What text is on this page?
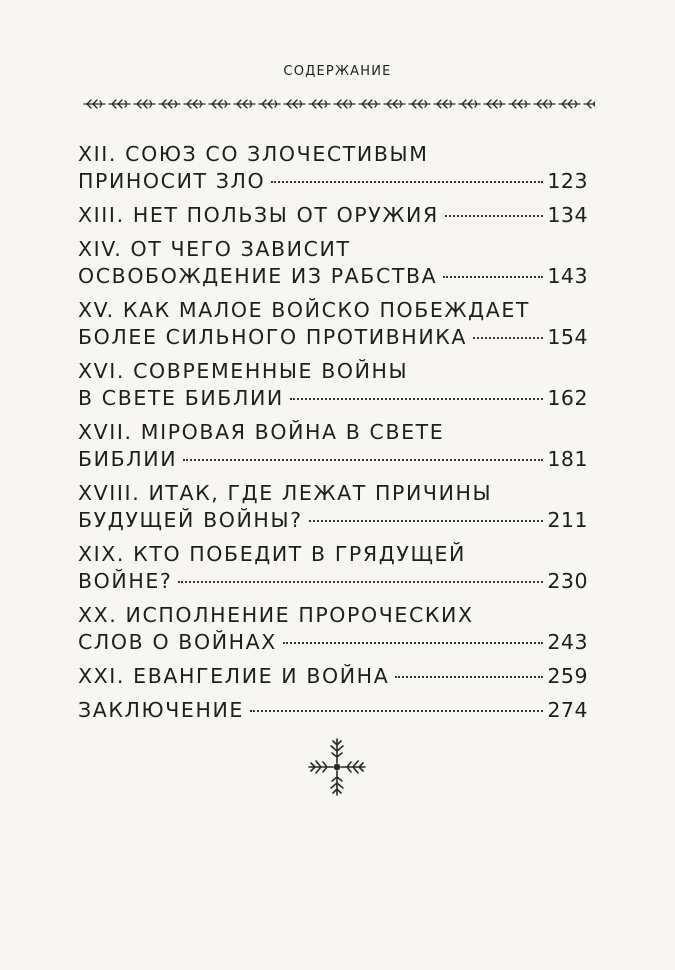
СОДЕРЖАНИЕ
XII. СОЮЗ СО ЗЛОЧЕСТИВЫМ
ПРИНОСИТ ЗЛО	123
XIII. НЕТ ПОЛЬЗЫ ОТ ОРУЖИЯ	134
XIV. ОТ ЧЕГО ЗАВИСИТ
ОСВОБОЖДЕНИЕ ИЗ РАБСТВА	143
XV. КАК МАЛОЕ ВОЙСКО ПОБЕЖДАЕТ
БОЛЕЕ СИЛЬНОГО ПРОТИВНИКА	154
XVI. СОВРЕМЕННЫЕ ВОЙНЫ
В СВЕТЕ БИБЛИИ	162
XVII. МIРОВАЯ ВОЙНА В СВЕТЕ
БИБЛИИ	181
XVIII. ИТАК, ГДЕ ЛЕЖАТ ПРИЧИНЫ
БУДУЩЕЙ ВОЙНЫ?	211
XIX. КТО ПОБЕДИТ В ГРЯДУЩЕЙ
ВОЙНЕ?	230
XX. ИСПОЛНЕНИЕ ПРОРОЧЕСКИХ
СЛОВ О ВОЙНАХ	243
XXI. ЕВАНГЕЛИЕ И ВОЙНА	259
ЗАКЛЮЧЕНИЕ	274
